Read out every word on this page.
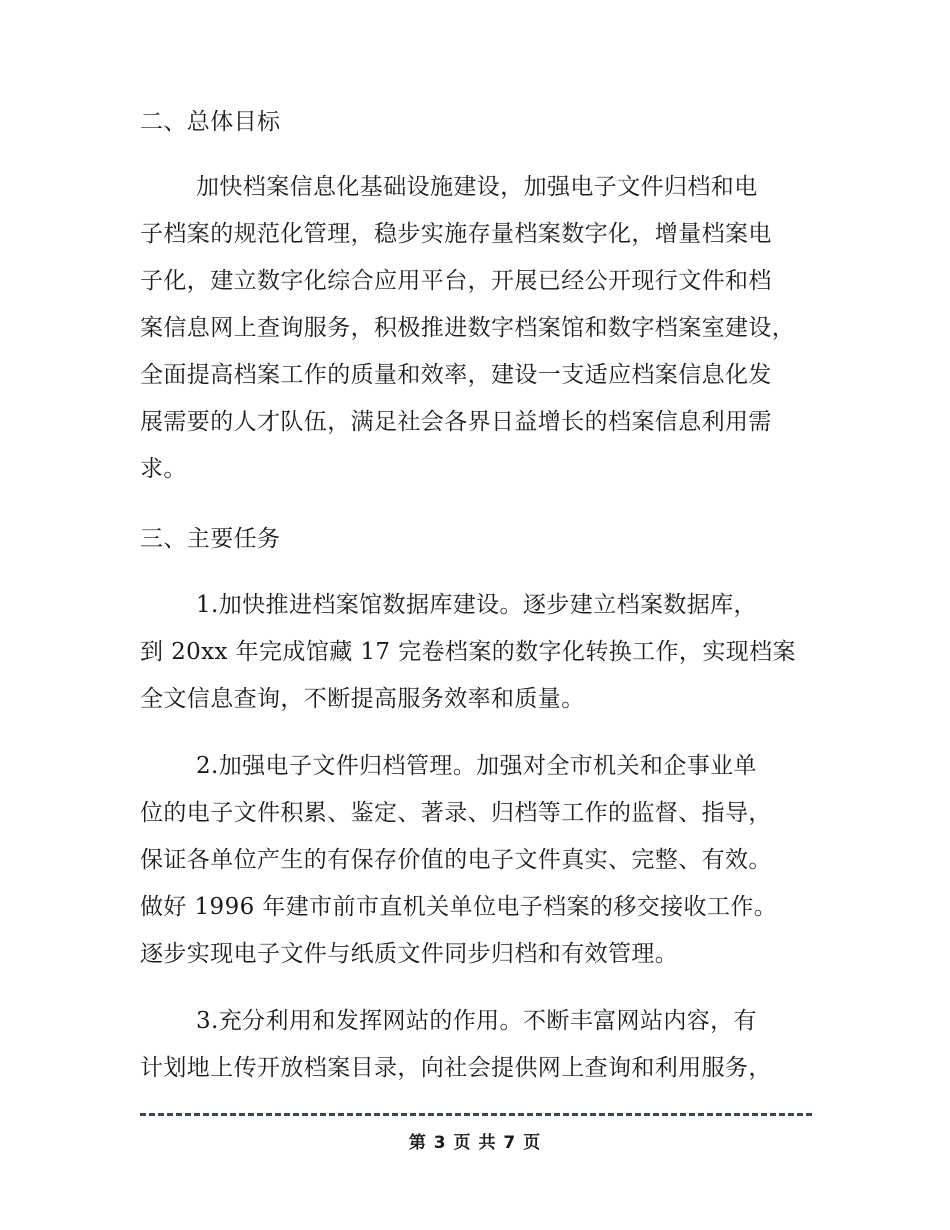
二、总体目标
加快档案信息化基础设施建设，加强电子文件归档和电
子档案的规范化管理，稳步实施存量档案数字化，增量档案电
子化，建立数字化综合应用平台，开展已经公开现行文件和档
案信息网上查询服务，积极推进数字档案馆和数字档案室建设，
全面提高档案工作的质量和效率，建设一支适应档案信息化发
展需要的人才队伍，满足社会各界日益增长的档案信息利用需
求。
三、主要任务
1.加快推进档案馆数据库建设。逐步建立档案数据库，
到 20xx 年完成馆藏 17 完卷档案的数字化转换工作，实现档案
全文信息查询，不断提高服务效率和质量。
2.加强电子文件归档管理。加强对全市机关和企事业单
位的电子文件积累、鉴定、著录、归档等工作的监督、指导，
保证各单位产生的有保存价值的电子文件真实、完整、有效。
做好 1996 年建市前市直机关单位电子档案的移交接收工作。
逐步实现电子文件与纸质文件同步归档和有效管理。
3.充分利用和发挥网站的作用。不断丰富网站内容，有
计划地上传开放档案目录，向社会提供网上查询和利用服务，
第 3 页 共 7 页
